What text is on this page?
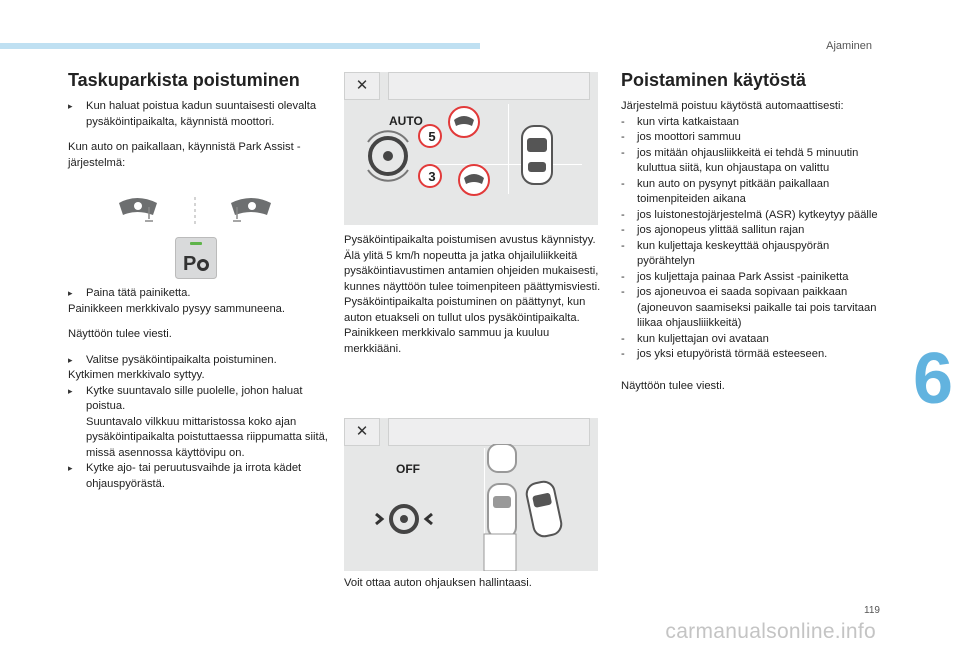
Ajaminen
6
119
carmanualsonline.info
Taskuparkista poistuminen

▸ Kun haluat poistua kadun suuntaisesti olevalta pysäköintipaikalta, käynnistä moottori.

Kun auto on paikallaan, käynnistä Park Assist -järjestelmä:

P

▸ Paina tätä painiketta.

Painikkeen merkkivalo pysyy sammuneena.

Näyttöön tulee viesti.

▸ Valitse pysäköintipaikalta poistuminen.

Kytkimen merkkivalo syttyy.

▸ Kytke suuntavalo sille puolelle, johon haluat poistua.

Suuntavalo vilkkuu mittaristossa koko ajan pysäköintipaikalta poistuttaessa riippumatta siitä, missä asennossa käyttövipu on.

▸ Kytke ajo- tai peruutusvaihde ja irrota kädet ohjauspyörästä.

✕
AUTO
5
3

Pysäköintipaikalta poistumisen avustus käynnistyy.

Älä ylitä 5 km/h nopeutta ja jatka ohjailuliikkeitä pysäköintiavustimen antamien ohjeiden mukaisesti, kunnes näyttöön tulee toimenpiteen päättymisviesti.

Pysäköintipaikalta poistuminen on päättynyt, kun auton etuakseli on tullut ulos pysäköintipaikalta.

Painikkeen merkkivalo sammuu ja kuuluu merkkiääni.

✕
OFF
Voit ottaa auton ohjauksen hallintaasi.
Poistaminen käytöstä

Järjestelmä poistuu käytöstä automaattisesti:

- kun virta katkaistaan

- jos moottori sammuu

- jos mitään ohjausliikkeitä ei tehdä 5 minuutin kuluttua siitä, kun ohjaustapa on valittu

- kun auto on pysynyt pitkään paikallaan toimenpiteiden aikana

- jos luistonestojärjestelmä (ASR) kytkeytyy päälle

- jos ajonopeus ylittää sallitun rajan

- kun kuljettaja keskeyttää ohjauspyörän pyörähtelyn

- jos kuljettaja painaa Park Assist -painiketta

- jos ajoneuvoa ei saada sopivaan paikkaan (ajoneuvon saamiseksi paikalle tai pois tarvitaan liikaa ohjausliiikkeitä)

- kun kuljettajan ovi avataan

- jos yksi etupyöristä törmää esteeseen.

Näyttöön tulee viesti.
